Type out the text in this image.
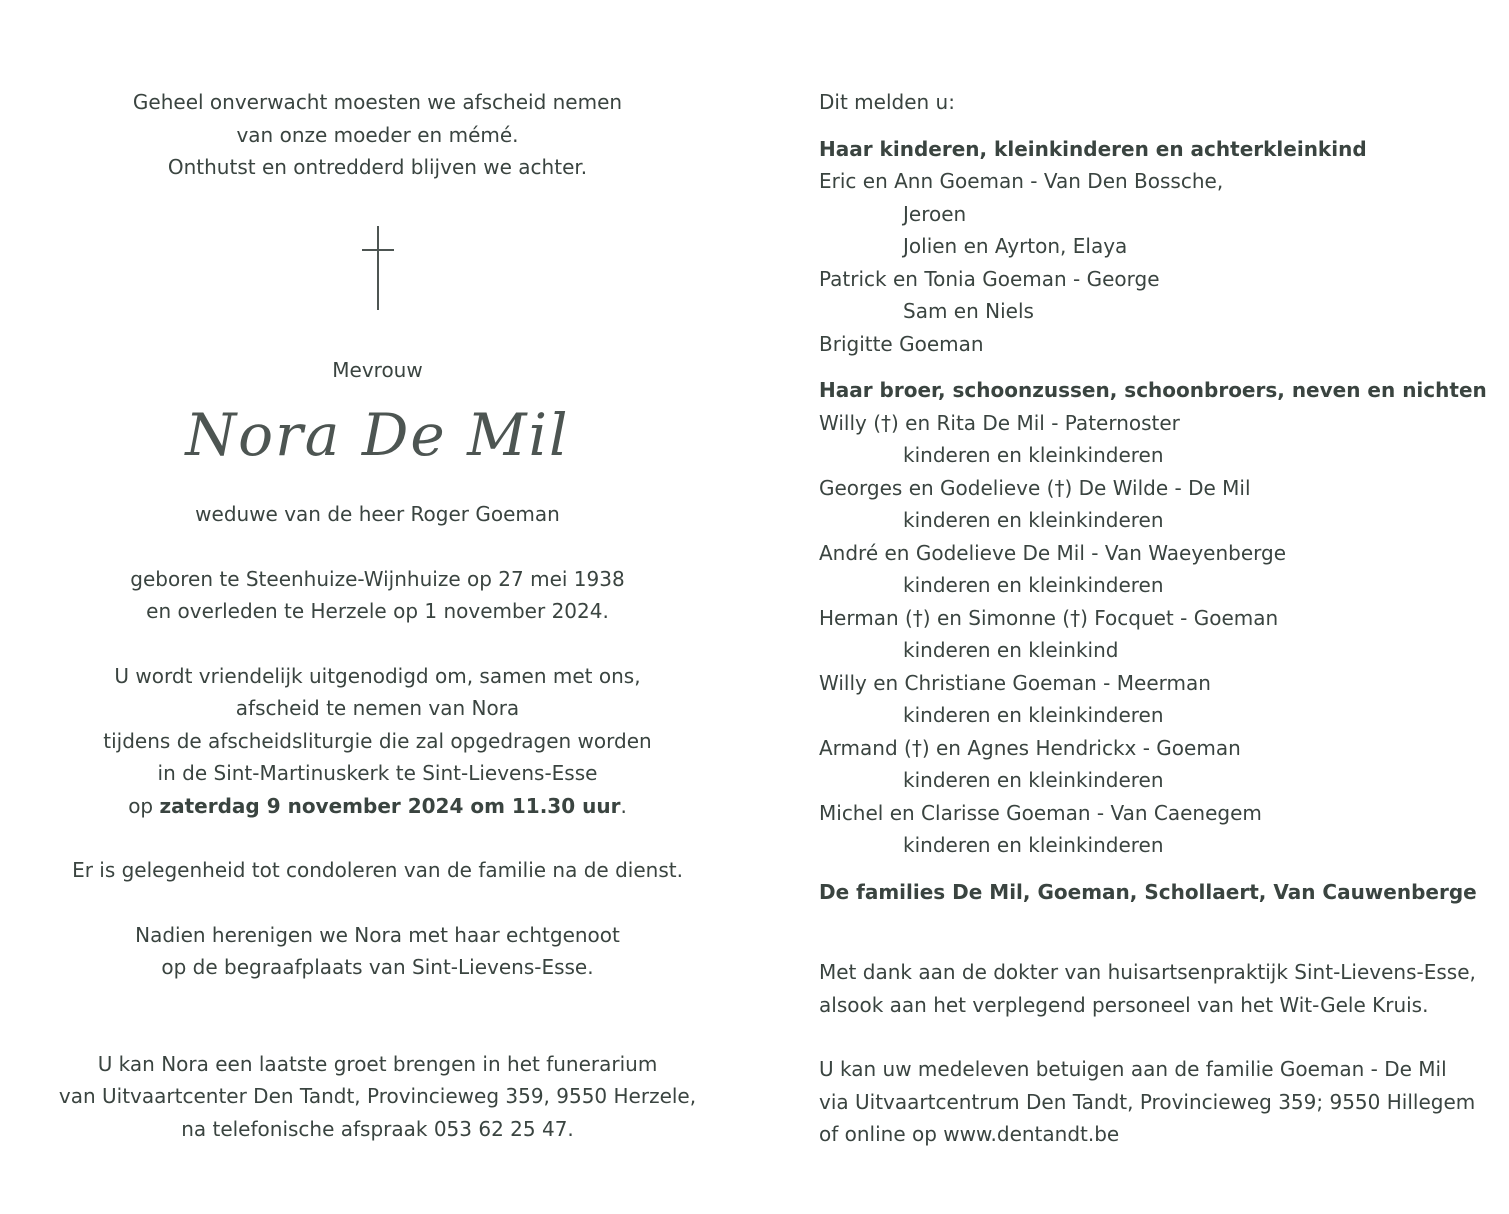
Geheel onverwacht moesten we afscheid nemen
van onze moeder en mémé.
Onthutst en ontredderd blijven we achter.
Mevrouw
Nora De Mil
weduwe van de heer Roger Goeman
geboren te Steenhuize-Wijnhuize op 27 mei 1938
en overleden te Herzele op 1 november 2024.
U wordt vriendelijk uitgenodigd om, samen met ons,
afscheid te nemen van Nora
tijdens de afscheidsliturgie die zal opgedragen worden
in de Sint-Martinuskerk te Sint-Lievens-Esse
op zaterdag 9 november 2024 om 11.30 uur.
Er is gelegenheid tot condoleren van de familie na de dienst.
Nadien herenigen we Nora met haar echtgenoot
op de begraafplaats van Sint-Lievens-Esse.
U kan Nora een laatste groet brengen in het funerarium
van Uitvaartcenter Den Tandt, Provincieweg 359, 9550 Herzele,
na telefonische afspraak 053 62 25 47.
Dit melden u:
Haar kinderen, kleinkinderen en achterkleinkind
Eric en Ann Goeman - Van Den Bossche,
Jeroen
Jolien en Ayrton, Elaya
Patrick en Tonia Goeman - George
Sam en Niels
Brigitte Goeman
Haar broer, schoonzussen, schoonbroers, neven en nichten
Willy (†) en Rita De Mil - Paternoster
kinderen en kleinkinderen
Georges en Godelieve (†) De Wilde - De Mil
kinderen en kleinkinderen
André en Godelieve De Mil - Van Waeyenberge
kinderen en kleinkinderen
Herman (†) en Simonne (†) Focquet - Goeman
kinderen en kleinkind
Willy en Christiane Goeman - Meerman
kinderen en kleinkinderen
Armand (†) en Agnes Hendrickx - Goeman
kinderen en kleinkinderen
Michel en Clarisse Goeman - Van Caenegem
kinderen en kleinkinderen
De families De Mil, Goeman, Schollaert, Van Cauwenberge
Met dank aan de dokter van huisartsenpraktijk Sint-Lievens-Esse,
alsook aan het verplegend personeel van het Wit-Gele Kruis.
U kan uw medeleven betuigen aan de familie Goeman - De Mil
via Uitvaartcentrum Den Tandt, Provincieweg 359; 9550 Hillegem
of online op www.dentandt.be
